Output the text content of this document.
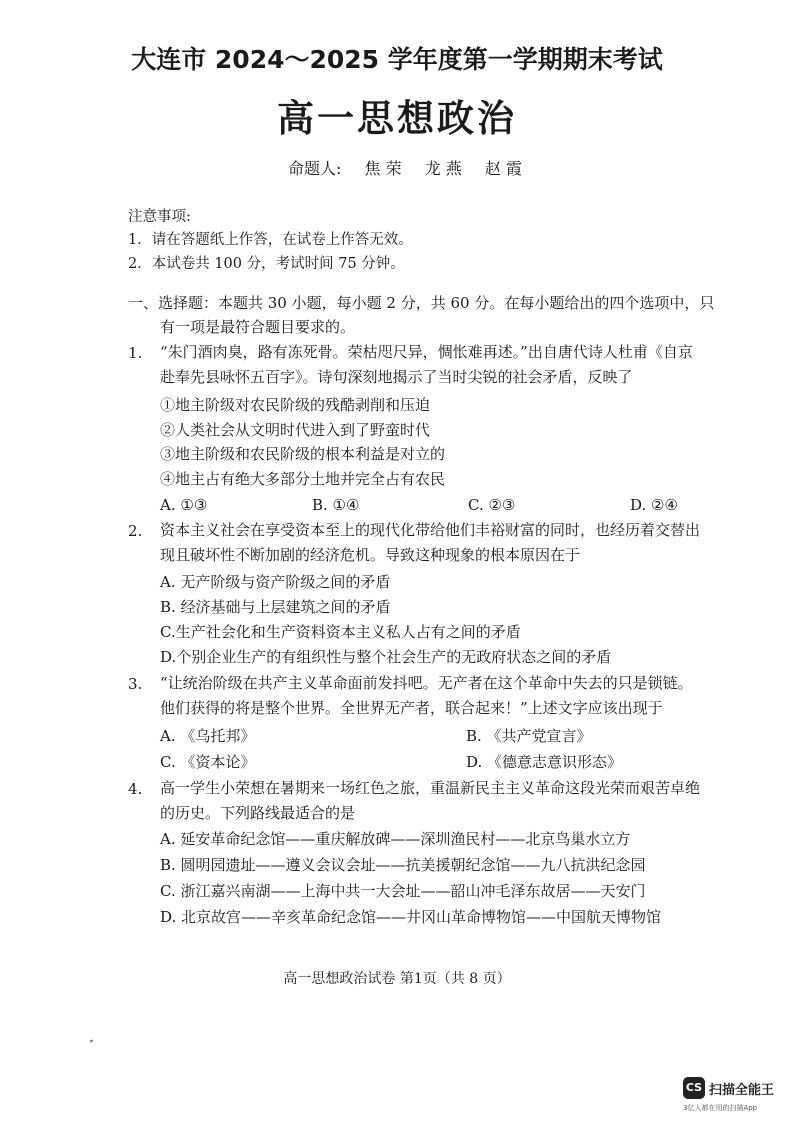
大连市 2024～2025 学年度第一学期期末考试
高一思想政治
命题人: 焦 荣 龙 燕 赵 霞
注意事项:
1．请在答题纸上作答，在试卷上作答无效。
2．本试卷共 100 分，考试时间 75 分钟。
一、选择题：本题共 30 小题，每小题 2 分，共 60 分。在每小题给出的四个选项中，只
有一项是最符合题目要求的。
1. “朱门酒肉臭，路有冻死骨。荣枯咫尺异，惆怅难再述。”出自唐代诗人杜甫《自京
赴奉先县咏怀五百字》。诗句深刻地揭示了当时尖锐的社会矛盾，反映了
①地主阶级对农民阶级的残酷剥削和压迫
②人类社会从文明时代进入到了野蛮时代
③地主阶级和农民阶级的根本利益是对立的
④地主占有绝大多部分土地并完全占有农民
A. ①③	B. ①④	C. ②③	D. ②④
2. 资本主义社会在享受资本至上的现代化带给他们丰裕财富的同时，也经历着交替出
现且破坏性不断加剧的经济危机。导致这种现象的根本原因在于
A. 无产阶级与资产阶级之间的矛盾
B. 经济基础与上层建筑之间的矛盾
C.生产社会化和生产资料资本主义私人占有之间的矛盾
D.个别企业生产的有组织性与整个社会生产的无政府状态之间的矛盾
3. “让统治阶级在共产主义革命面前发抖吧。无产者在这个革命中失去的只是锁链。
他们获得的将是整个世界。全世界无产者，联合起来！”上述文字应该出现于
A. 《乌托邦》	B. 《共产党宣言》
C. 《资本论》	D. 《德意志意识形态》
4. 高一学生小荣想在暑期来一场红色之旅，重温新民主主义革命这段光荣而艰苦卓绝
的历史。下列路线最适合的是
A. 延安革命纪念馆——重庆解放碑——深圳渔民村——北京鸟巢水立方
B. 圆明园遗址——遵义会议会址——抗美援朝纪念馆——九八抗洪纪念园
C. 浙江嘉兴南湖——上海中共一大会址——韶山冲毛泽东故居——天安门
D. 北京故宫——辛亥革命纪念馆——井冈山革命博物馆——中国航天博物馆
高一思想政治试卷 第1页（共 8 页）
CS 扫描全能王
3亿人都在用的扫描App
